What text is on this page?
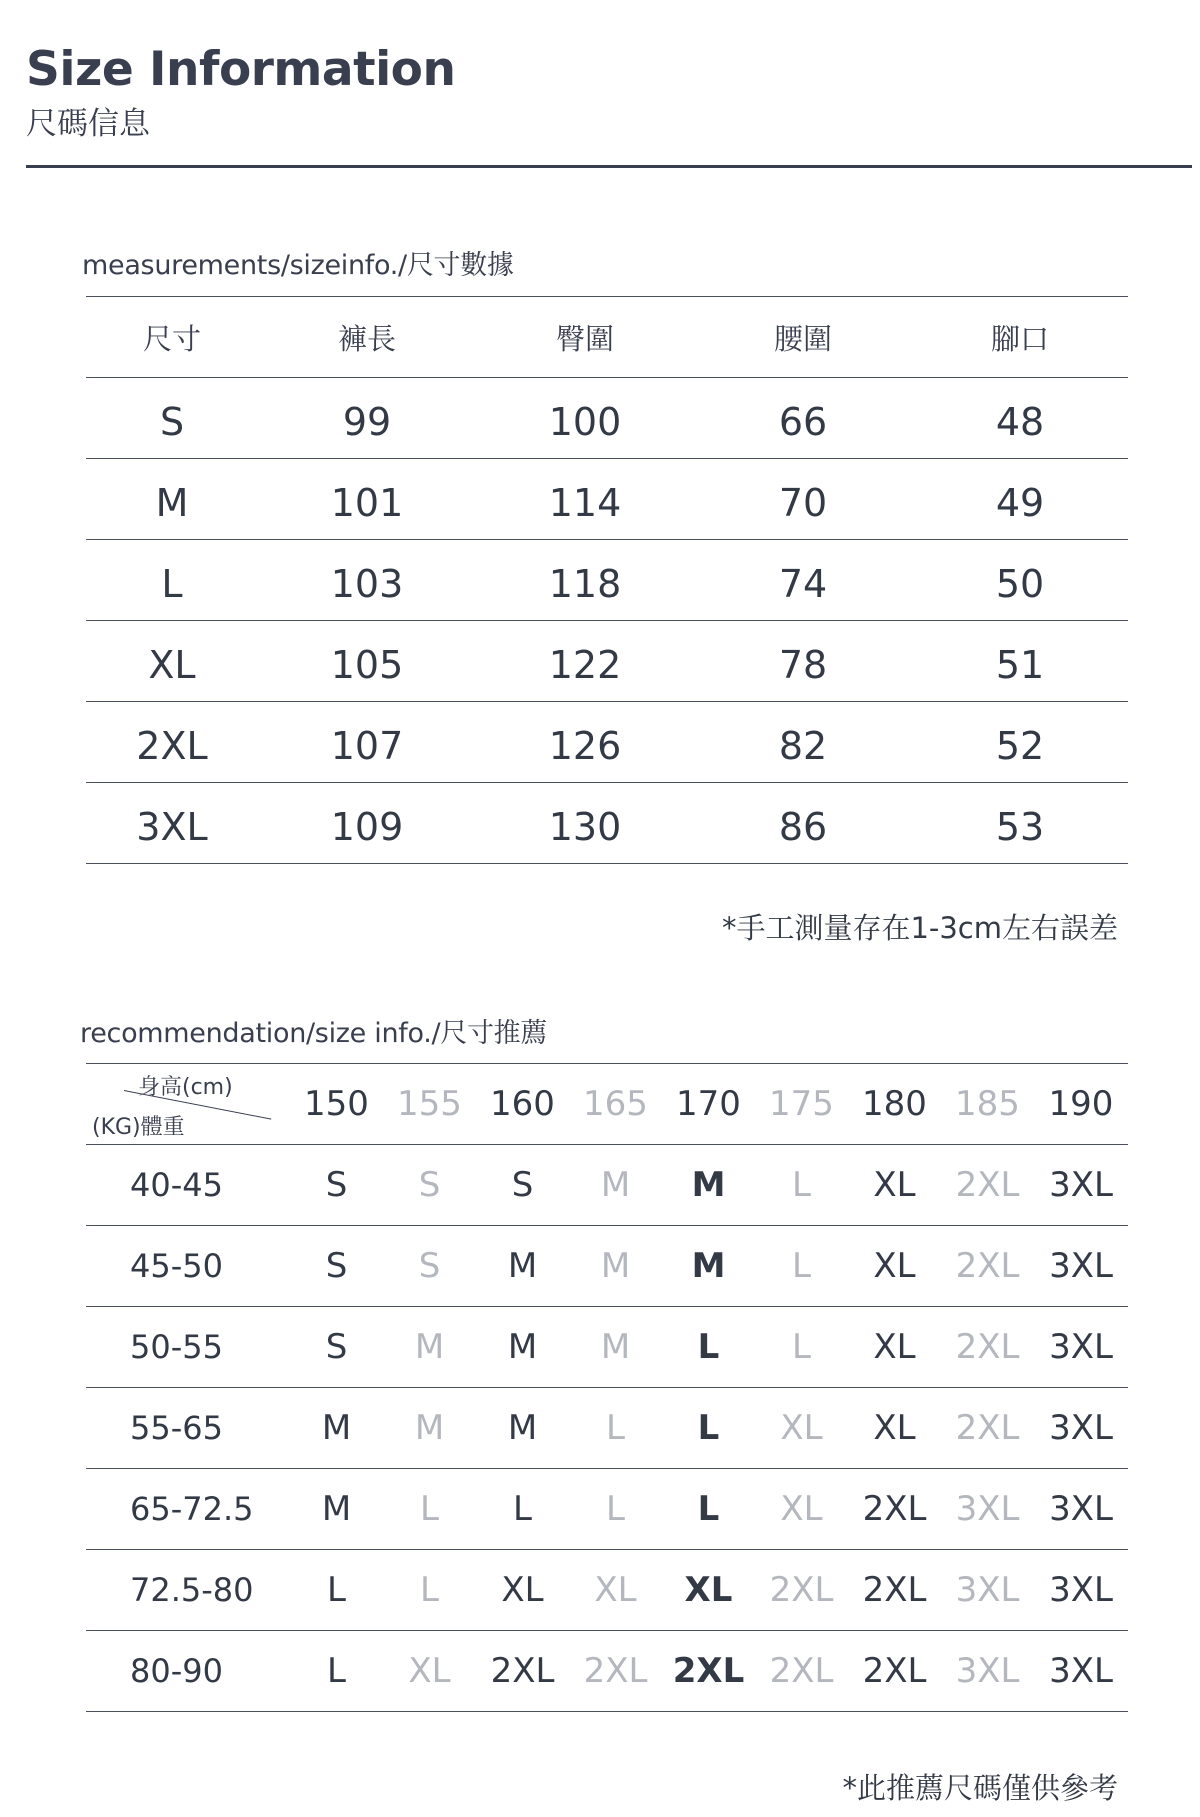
Size Information
尺碼信息
measurements/sizeinfo./尺寸數據
尺寸	褲長	臀圍	腰圍	腳口
S	99	100	66	48
M	101	114	70	49
L	103	118	74	50
XL	105	122	78	51
2XL	107	126	82	52
3XL	109	130	86	53
*手工測量存在1-3cm左右誤差
recommendation/size info./尺寸推薦
身高(cm)
(KG)體重	150	155	160	165	170	175	180	185	190
40-45	S	S	S	M	M	L	XL	2XL	3XL
45-50	S	S	M	M	M	L	XL	2XL	3XL
50-55	S	M	M	M	L	L	XL	2XL	3XL
55-65	M	M	M	L	L	XL	XL	2XL	3XL
65-72.5	M	L	L	L	L	XL	2XL	3XL	3XL
72.5-80	L	L	XL	XL	XL	2XL	2XL	3XL	3XL
80-90	L	XL	2XL	2XL	2XL	2XL	2XL	3XL	3XL
*此推薦尺碼僅供參考
